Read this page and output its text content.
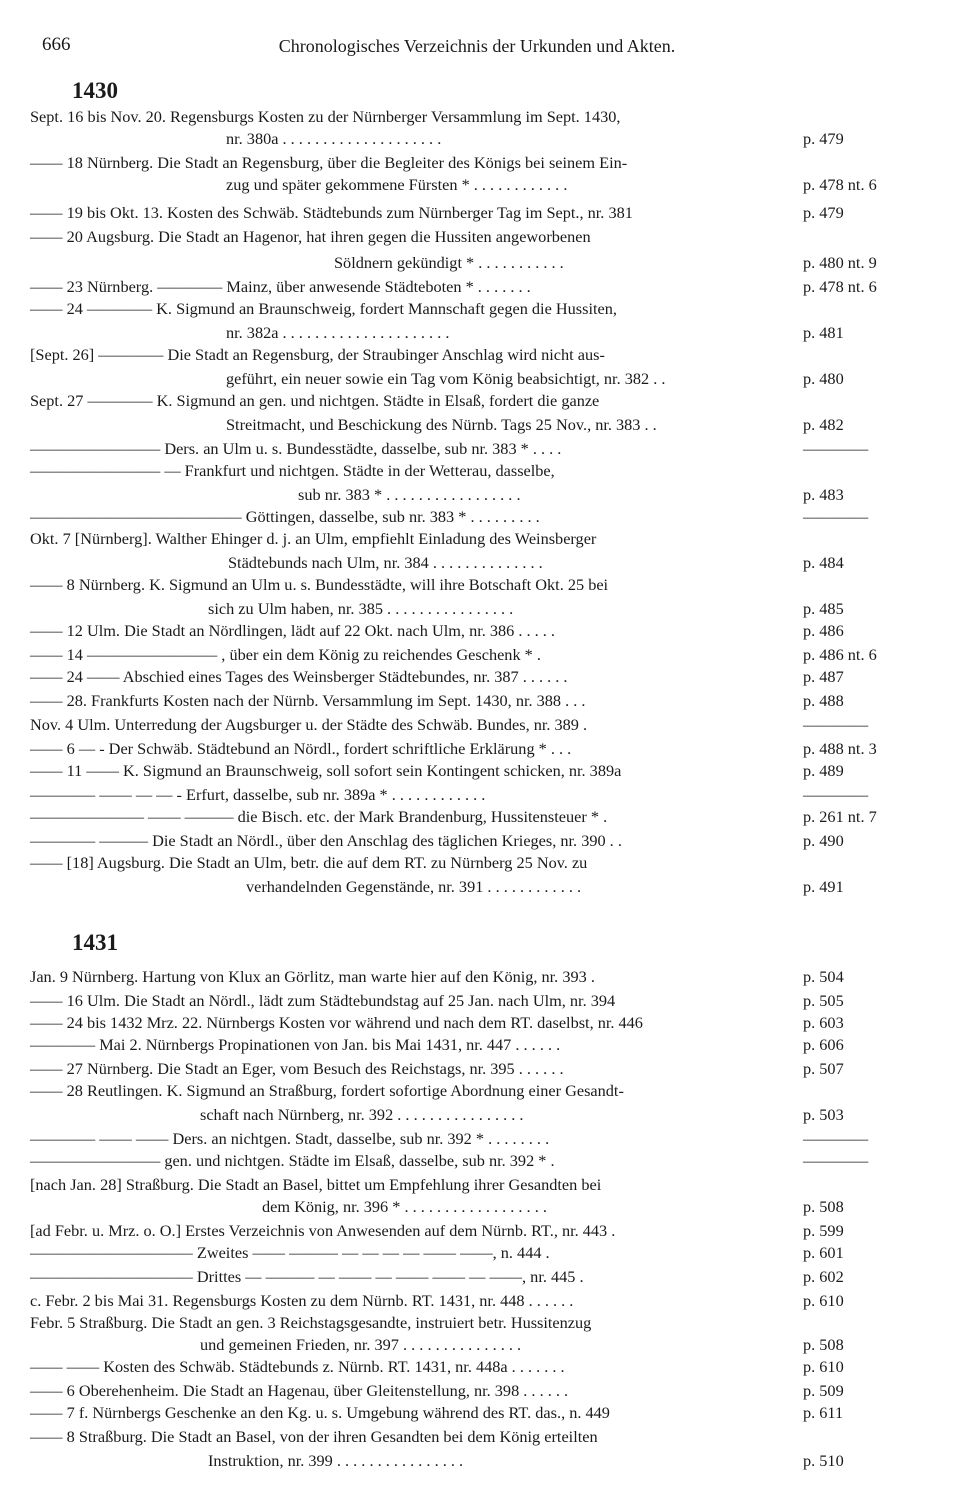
666	Chronologisches Verzeichnis der Urkunden und Akten.
1430
1431
Sept. 16 bis Nov. 20. Regensburgs Kosten zu der Nürnberger Versammlung im Sept. 1430,
nr. 380a . . . . . . . . . . . . . . . . . . . .	p. 479
—— 18 Nürnberg. Die Stadt an Regensburg, über die Begleiter des Königs bei seinem Ein-
zug und später gekommene Fürsten * . . . . . . . . . . . .	p. 478 nt. 6
—— 19 bis Okt. 13. Kosten des Schwäb. Städtebunds zum Nürnberger Tag im Sept., nr. 381	p. 479
—— 20 Augsburg. Die Stadt an Hagenor, hat ihren gegen die Hussiten angeworbenen
Söldnern gekündigt * . . . . . . . . . . .	p. 480 nt. 9
—— 23 Nürnberg. ———— Mainz, über anwesende Städteboten * . . . . . . .	p. 478 nt. 6
—— 24 ———— K. Sigmund an Braunschweig, fordert Mannschaft gegen die Hussiten,
nr. 382a . . . . . . . . . . . . . . . . . . . . .	p. 481
[Sept. 26] ———— Die Stadt an Regensburg, der Straubinger Anschlag wird nicht aus-
geführt, ein neuer sowie ein Tag vom König beabsichtigt, nr. 382 . .	p. 480
Sept. 27 ———— K. Sigmund an gen. und nichtgen. Städte in Elsaß, fordert die ganze
Streitmacht, und Beschickung des Nürnb. Tags 25 Nov., nr. 383 . .	p. 482
———————— Ders. an Ulm u. s. Bundesstädte, dasselbe, sub nr. 383 * . . . .	————
———————— — Frankfurt und nichtgen. Städte in der Wetterau, dasselbe,
sub nr. 383 * . . . . . . . . . . . . . . . . .	p. 483
————————————— Göttingen, dasselbe, sub nr. 383 * . . . . . . . . .	————
Okt. 7 [Nürnberg]. Walther Ehinger d. j. an Ulm, empfiehlt Einladung des Weinsberger
Städtebunds nach Ulm, nr. 384 . . . . . . . . . . . . . .	p. 484
—— 8 Nürnberg. K. Sigmund an Ulm u. s. Bundesstädte, will ihre Botschaft Okt. 25 bei
sich zu Ulm haben, nr. 385 . . . . . . . . . . . . . . . .	p. 485
—— 12 Ulm. Die Stadt an Nördlingen, lädt auf 22 Okt. nach Ulm, nr. 386 . . . . .	p. 486
—— 14 ———————— , über ein dem König zu reichendes Geschenk * .	p. 486 nt. 6
—— 24 —— Abschied eines Tages des Weinsberger Städtebundes, nr. 387 . . . . . .	p. 487
—— 28. Frankfurts Kosten nach der Nürnb. Versammlung im Sept. 1430, nr. 388 . . .	p. 488
Nov. 4 Ulm. Unterredung der Augsburger u. der Städte des Schwäb. Bundes, nr. 389 .	————
—— 6 — - Der Schwäb. Städtebund an Nördl., fordert schriftliche Erklärung * . . .	p. 488 nt. 3
—— 11 —— K. Sigmund an Braunschweig, soll sofort sein Kontingent schicken, nr. 389a	p. 489
———— —— — — - Erfurt, dasselbe, sub nr. 389a * . . . . . . . . . . . .	————
——————— —— ——— die Bisch. etc. der Mark Brandenburg, Hussitensteuer * .	p. 261 nt. 7
———— ——— Die Stadt an Nördl., über den Anschlag des täglichen Krieges, nr. 390 . .	p. 490
—— [18] Augsburg. Die Stadt an Ulm, betr. die auf dem RT. zu Nürnberg 25 Nov. zu
verhandelnden Gegenstände, nr. 391 . . . . . . . . . . . .	p. 491
Jan. 9 Nürnberg. Hartung von Klux an Görlitz, man warte hier auf den König, nr. 393 .	p. 504
—— 16 Ulm. Die Stadt an Nördl., lädt zum Städtebundstag auf 25 Jan. nach Ulm, nr. 394	p. 505
—— 24 bis 1432 Mrz. 22. Nürnbergs Kosten vor während und nach dem RT. daselbst, nr. 446	p. 603
———— Mai 2. Nürnbergs Propinationen von Jan. bis Mai 1431, nr. 447 . . . . . .	p. 606
—— 27 Nürnberg. Die Stadt an Eger, vom Besuch des Reichstags, nr. 395 . . . . . .	p. 507
—— 28 Reutlingen. K. Sigmund an Straßburg, fordert sofortige Abordnung einer Gesandt-
schaft nach Nürnberg, nr. 392 . . . . . . . . . . . . . . . .	p. 503
———— —— —— Ders. an nichtgen. Stadt, dasselbe, sub nr. 392 * . . . . . . . .	————
———————— gen. und nichtgen. Städte im Elsaß, dasselbe, sub nr. 392 * .	————
[nach Jan. 28] Straßburg. Die Stadt an Basel, bittet um Empfehlung ihrer Gesandten bei
dem König, nr. 396 * . . . . . . . . . . . . . . . . . .	p. 508
[ad Febr. u. Mrz. o. O.] Erstes Verzeichnis von Anwesenden auf dem Nürnb. RT., nr. 443 .	p. 599
—————————— Zweites —— ——— — — — — —— ——, n. 444 .	p. 601
—————————— Drittes — ——— — —— — —— —— — ——, nr. 445 .	p. 602
c. Febr. 2 bis Mai 31. Regensburgs Kosten zu dem Nürnb. RT. 1431, nr. 448 . . . . . .	p. 610
Febr. 5 Straßburg. Die Stadt an gen. 3 Reichstagsgesandte, instruiert betr. Hussitenzug
und gemeinen Frieden, nr. 397 . . . . . . . . . . . . . . .	p. 508
—— —— Kosten des Schwäb. Städtebunds z. Nürnb. RT. 1431, nr. 448a . . . . . . .	p. 610
—— 6 Oberehenheim. Die Stadt an Hagenau, über Gleitenstellung, nr. 398 . . . . . .	p. 509
—— 7 f. Nürnbergs Geschenke an den Kg. u. s. Umgebung während des RT. das., n. 449	p. 611
—— 8 Straßburg. Die Stadt an Basel, von der ihren Gesandten bei dem König erteilten
Instruktion, nr. 399 . . . . . . . . . . . . . . . .	p. 510
